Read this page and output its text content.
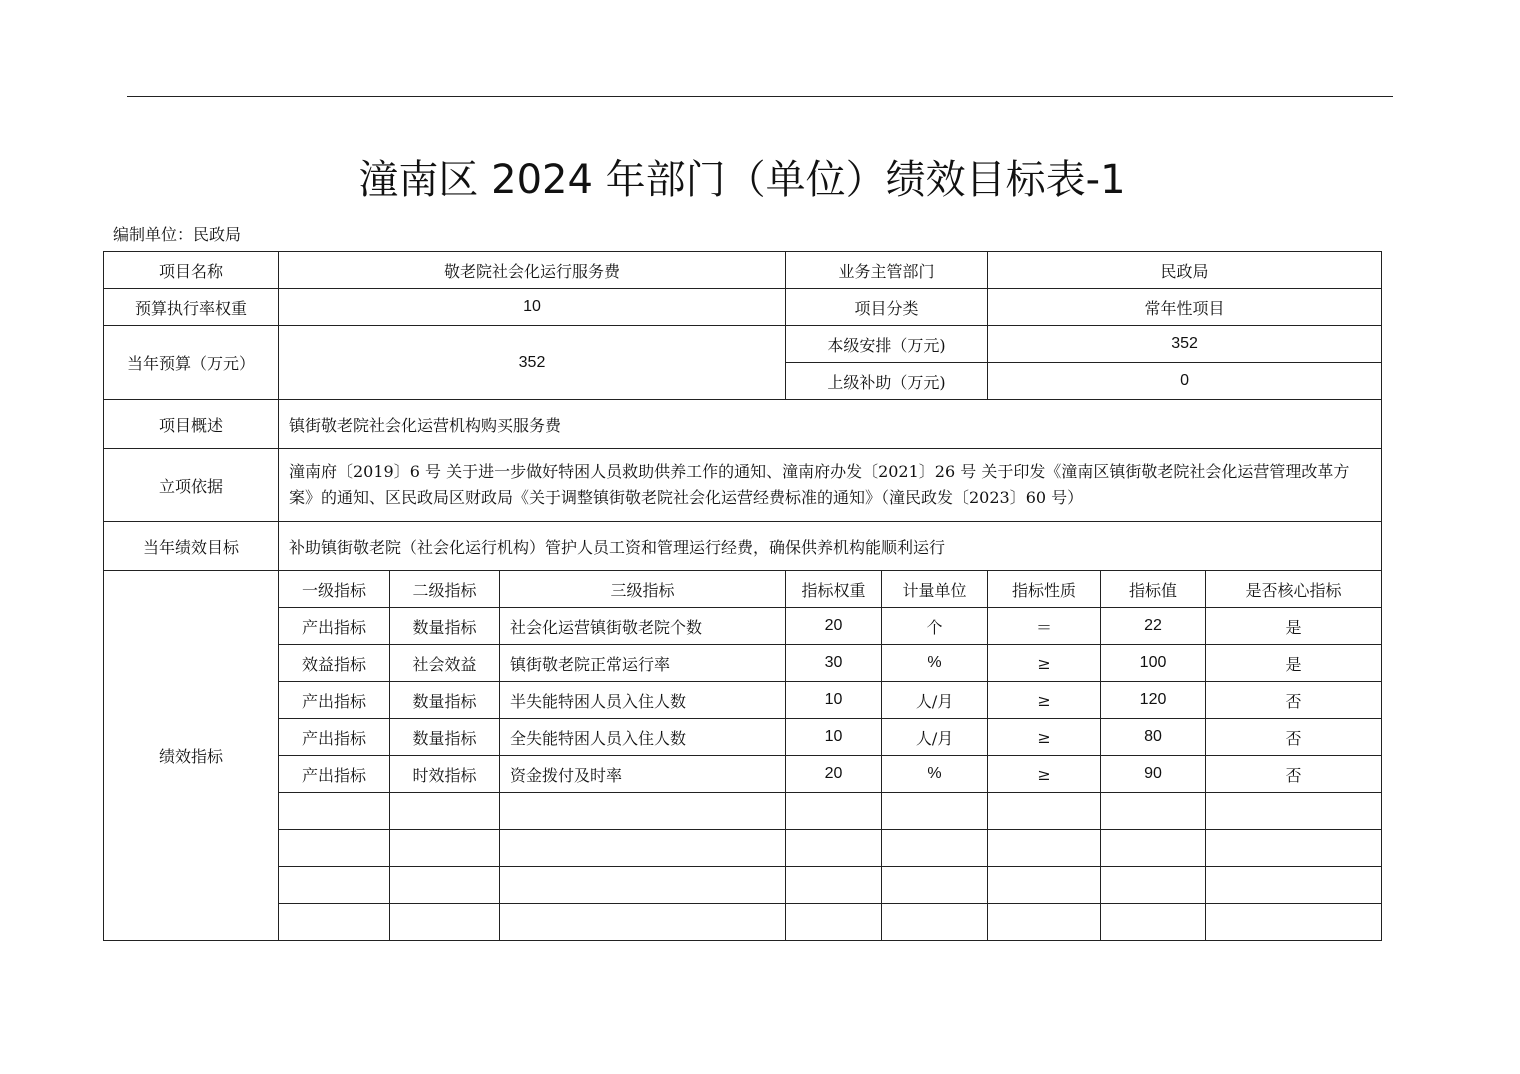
潼南区 2024 年部门（单位）绩效目标表-1
编制单位：民政局
项目名称	敬老院社会化运行服务费			业务主管部门		民政局		
预算执行率权重	10			项目分类		常年性项目		
当年预算（万元）	352			本级安排（万元)		352		
				上级补助（万元)		0		
项目概述	镇街敬老院社会化运营机构购买服务费							
立项依据	潼南府〔2019〕6 号 关于进一步做好特困人员救助供养工作的通知、潼南府办发〔2021〕26 号 关于印发《潼南区镇街敬老院社会化运营管理改革方案》的通知、区民政局区财政局《关于调整镇街敬老院社会化运营经费标准的通知》（潼民政发〔2023〕60 号）							
当年绩效目标	补助镇街敬老院（社会化运行机构）管护人员工资和管理运行经费，确保供养机构能顺利运行							
绩效指标	一级指标	二级指标	三级指标	指标权重	计量单位	指标性质	指标值	是否核心指标
	产出指标	数量指标	社会化运营镇街敬老院个数	20	个	＝	22	是
	效益指标	社会效益	镇街敬老院正常运行率	30	%	≥	100	是
	产出指标	数量指标	半失能特困人员入住人数	10	人/月	≥	120	否
	产出指标	数量指标	全失能特困人员入住人数	10	人/月	≥	80	否
	产出指标	时效指标	资金拨付及时率	20	%	≥	90	否
